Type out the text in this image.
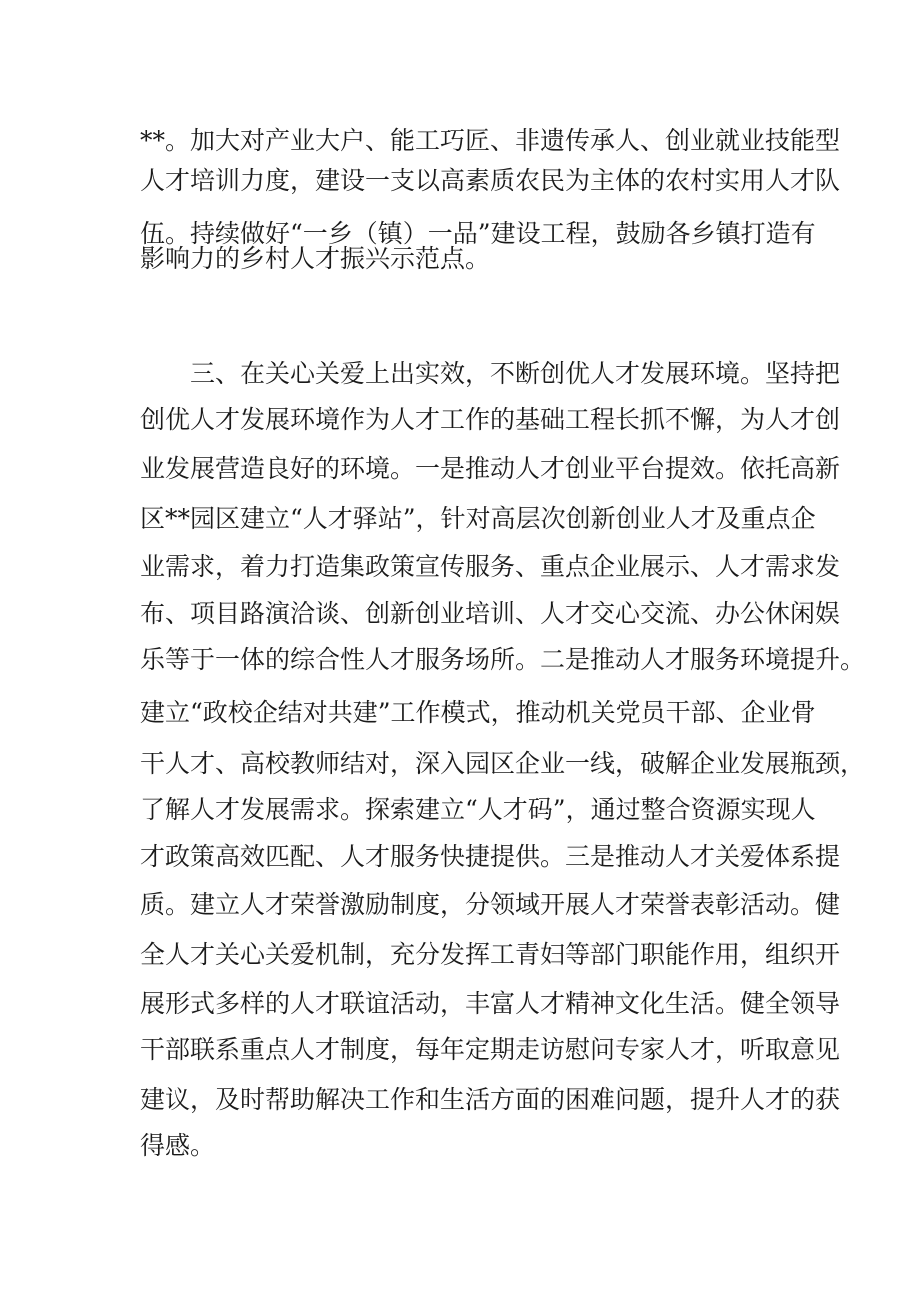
**。加大对产业大户、能工巧匠、非遗传承人、创业就业技能型
人才培训力度，建设一支以高素质农民为主体的农村实用人才队
伍。持续做好“一乡（镇）一品”建设工程，鼓励各乡镇打造有
影响力的乡村人才振兴示范点。
三、在关心关爱上出实效，不断创优人才发展环境。坚持把
创优人才发展环境作为人才工作的基础工程长抓不懈，为人才创
业发展营造良好的环境。一是推动人才创业平台提效。依托高新
区**园区建立“人才驿站”，针对高层次创新创业人才及重点企
业需求，着力打造集政策宣传服务、重点企业展示、人才需求发
布、项目路演洽谈、创新创业培训、人才交心交流、办公休闲娱
乐等于一体的综合性人才服务场所。二是推动人才服务环境提升。
建立“政校企结对共建”工作模式，推动机关党员干部、企业骨
干人才、高校教师结对，深入园区企业一线，破解企业发展瓶颈，
了解人才发展需求。探索建立“人才码”，通过整合资源实现人
才政策高效匹配、人才服务快捷提供。三是推动人才关爱体系提
质。建立人才荣誉激励制度，分领域开展人才荣誉表彰活动。健
全人才关心关爱机制，充分发挥工青妇等部门职能作用，组织开
展形式多样的人才联谊活动，丰富人才精神文化生活。健全领导
干部联系重点人才制度，每年定期走访慰问专家人才，听取意见
建议，及时帮助解决工作和生活方面的困难问题，提升人才的获
得感。
